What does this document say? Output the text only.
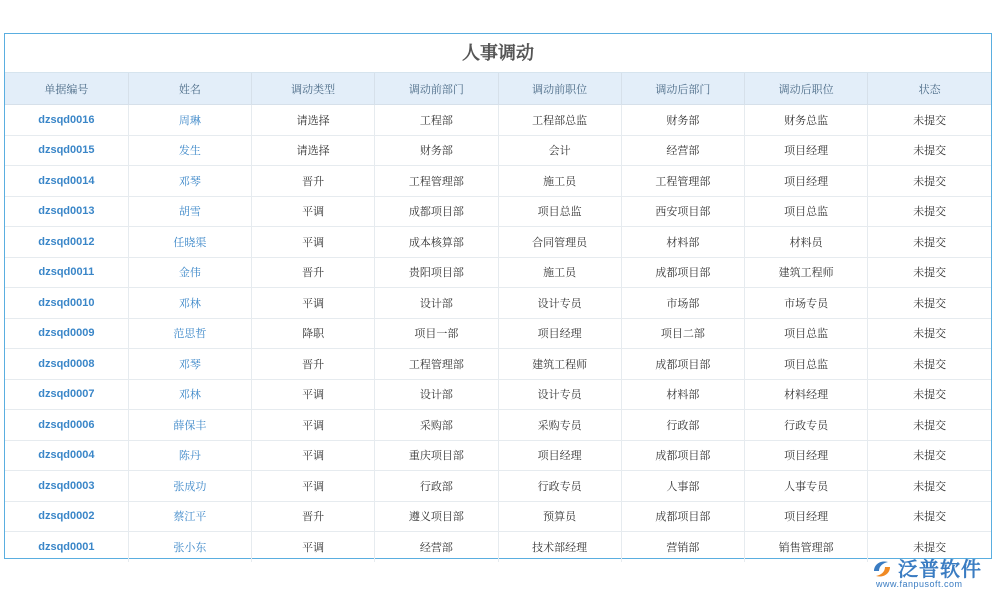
人事调动
单据编号	姓名	调动类型	调动前部门	调动前职位	调动后部门	调动后职位	状态
dzsqd0016	周琳	请选择	工程部	工程部总监	财务部	财务总监	未提交
dzsqd0015	发生	请选择	财务部	会计	经营部	项目经理	未提交
dzsqd0014	邓琴	晋升	工程管理部	施工员	工程管理部	项目经理	未提交
dzsqd0013	胡雪	平调	成都项目部	项目总监	西安项目部	项目总监	未提交
dzsqd0012	任晓渠	平调	成本核算部	合同管理员	材料部	材料员	未提交
dzsqd0011	金伟	晋升	贵阳项目部	施工员	成都项目部	建筑工程师	未提交
dzsqd0010	邓林	平调	设计部	设计专员	市场部	市场专员	未提交
dzsqd0009	范思哲	降职	项目一部	项目经理	项目二部	项目总监	未提交
dzsqd0008	邓琴	晋升	工程管理部	建筑工程师	成都项目部	项目总监	未提交
dzsqd0007	邓林	平调	设计部	设计专员	材料部	材料经理	未提交
dzsqd0006	薛保丰	平调	采购部	采购专员	行政部	行政专员	未提交
dzsqd0004	陈丹	平调	重庆项目部	项目经理	成都项目部	项目经理	未提交
dzsqd0003	张成功	平调	行政部	行政专员	人事部	人事专员	未提交
dzsqd0002	蔡江平	晋升	遵义项目部	预算员	成都项目部	项目经理	未提交
dzsqd0001	张小东	平调	经营部	技术部经理	营销部	销售管理部	未提交
泛普软件
www.fanpusoft.com
